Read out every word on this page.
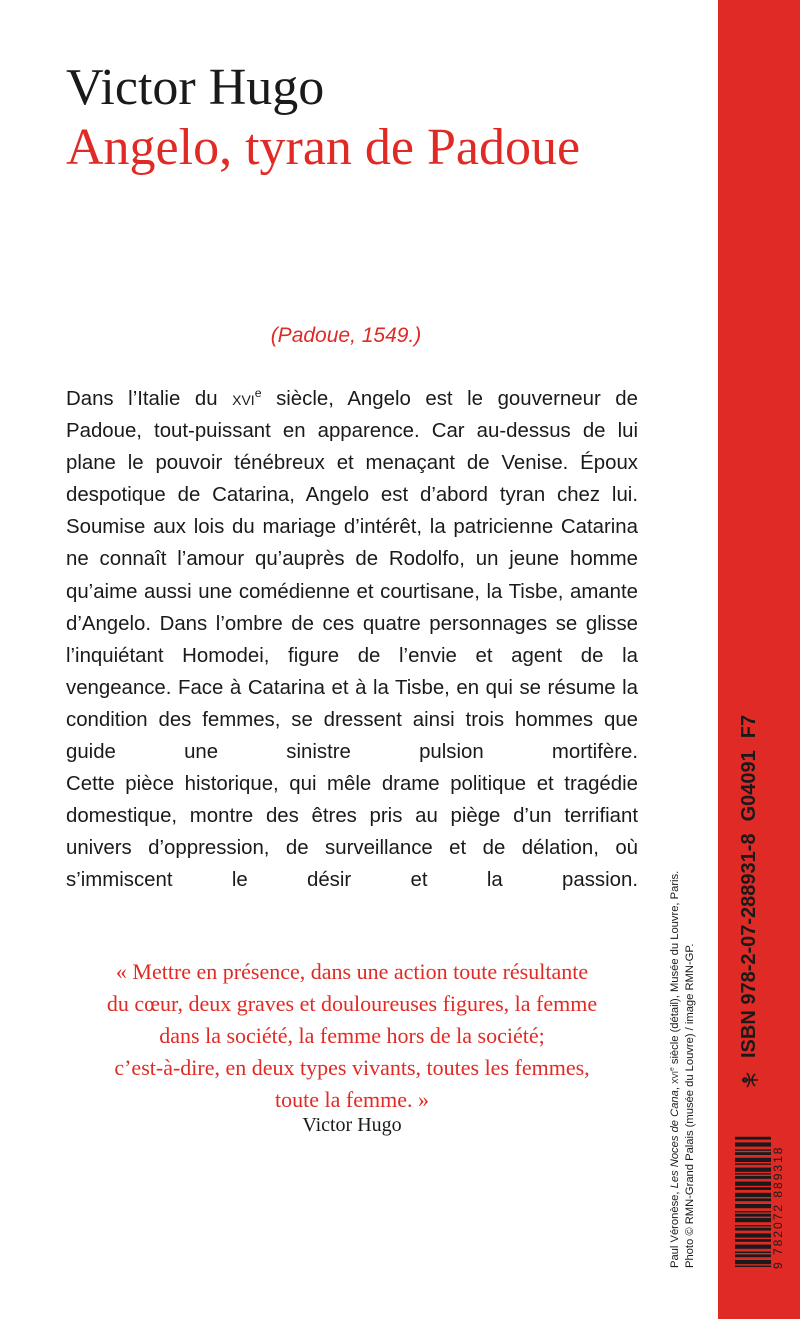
Victor Hugo
Angelo, tyran de Padoue
(Padoue, 1549.)

Dans l’Italie du xvi$^e$ siècle, Angelo est le gouverneur de Padoue, tout-puissant en apparence. Car au-dessus de lui plane le pouvoir ténébreux et menaçant de Venise. Époux despotique de Catarina, Angelo est d’abord tyran chez lui. Soumise aux lois du mariage d’intérêt, la patricienne Catarina ne connaît l’amour qu’auprès de Rodolfo, un jeune homme qu’aime aussi une comédienne et courtisane, la Tisbe, amante d’Angelo. Dans l’ombre de ces quatre personnages se glisse l’inquiétant Homodei, figure de l’envie et agent de la vengeance. Face à Catarina et à la Tisbe, en qui se résume la condition des femmes, se dressent ainsi trois hommes que guide une sinistre pulsion mortifère.

Cette pièce historique, qui mêle drame politique et tragédie domestique, montre des êtres pris au piège d’un terrifiant univers d’oppression, de surveillance et de délation, où s’immiscent le désir et la passion.

« Mettre en présence, dans une action toute résultante
du cœur, deux graves et douloureuses figures, la femme
dans la société, la femme hors de la société;
c’est-à-dire, en deux types vivants, toutes les femmes,
toute la femme. »
Victor Hugo
Paul Véronèse, Les Noces de Cana, xvi$^e$ siècle (détail), Musée du Louvre, Paris. Photo © RMN-Grand Palais (musée du Louvre) / image RMN-GP.	9 782072 889318
ISBN 978-2-07-288931-8
G04091
F7
